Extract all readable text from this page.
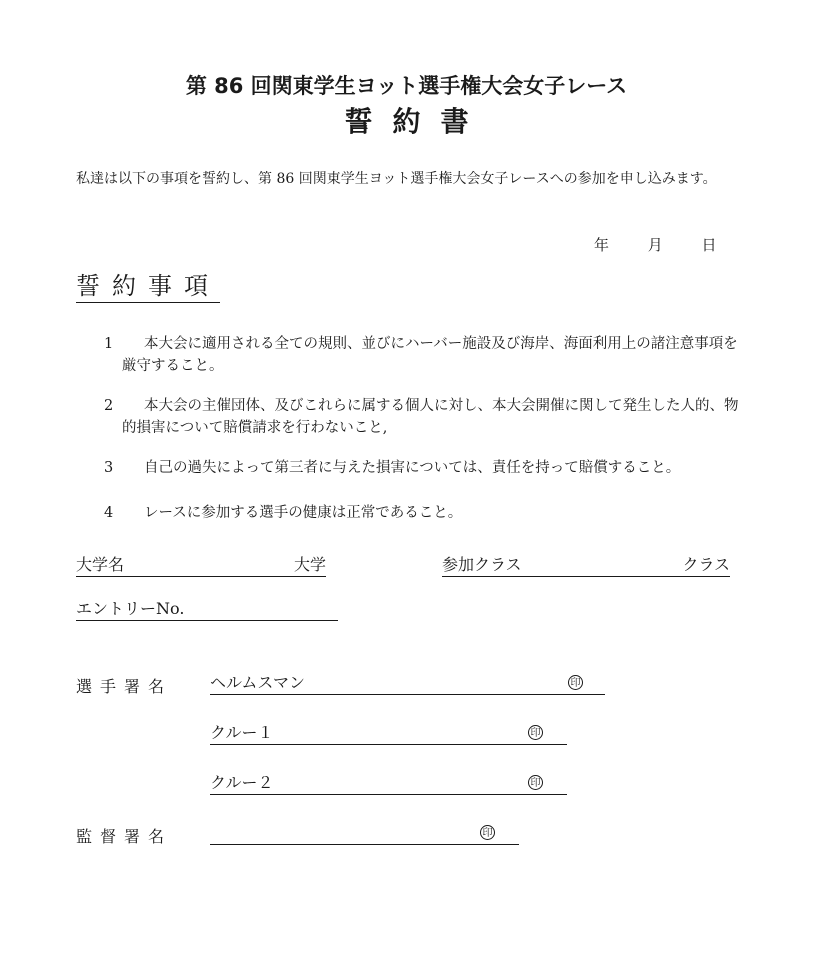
第 86 回関東学生ヨット選手権大会女子レース
誓約書
私達は以下の事項を誓約し、第 86 回関東学生ヨット選手権大会女子レースへの参加を申し込みます。
年 月 日
誓約事項
1	本大会に適用される全ての規則、並びにハーバー施設及び海岸、海面利用上の諸注意事項を厳守すること。
2	本大会の主催団体、及びこれらに属する個人に対し、本大会開催に関して発生した人的、物的損害について賠償請求を行わないこと,
3	自己の過失によって第三者に与えた損害については、責任を持って賠償すること。
4	レースに参加する選手の健康は正常であること。
大学名	大学	参加クラス	クラス
エントリーNo.
選手署名 ヘルムスマン	印
クルー１	印
クルー２	印
監督署名	印
